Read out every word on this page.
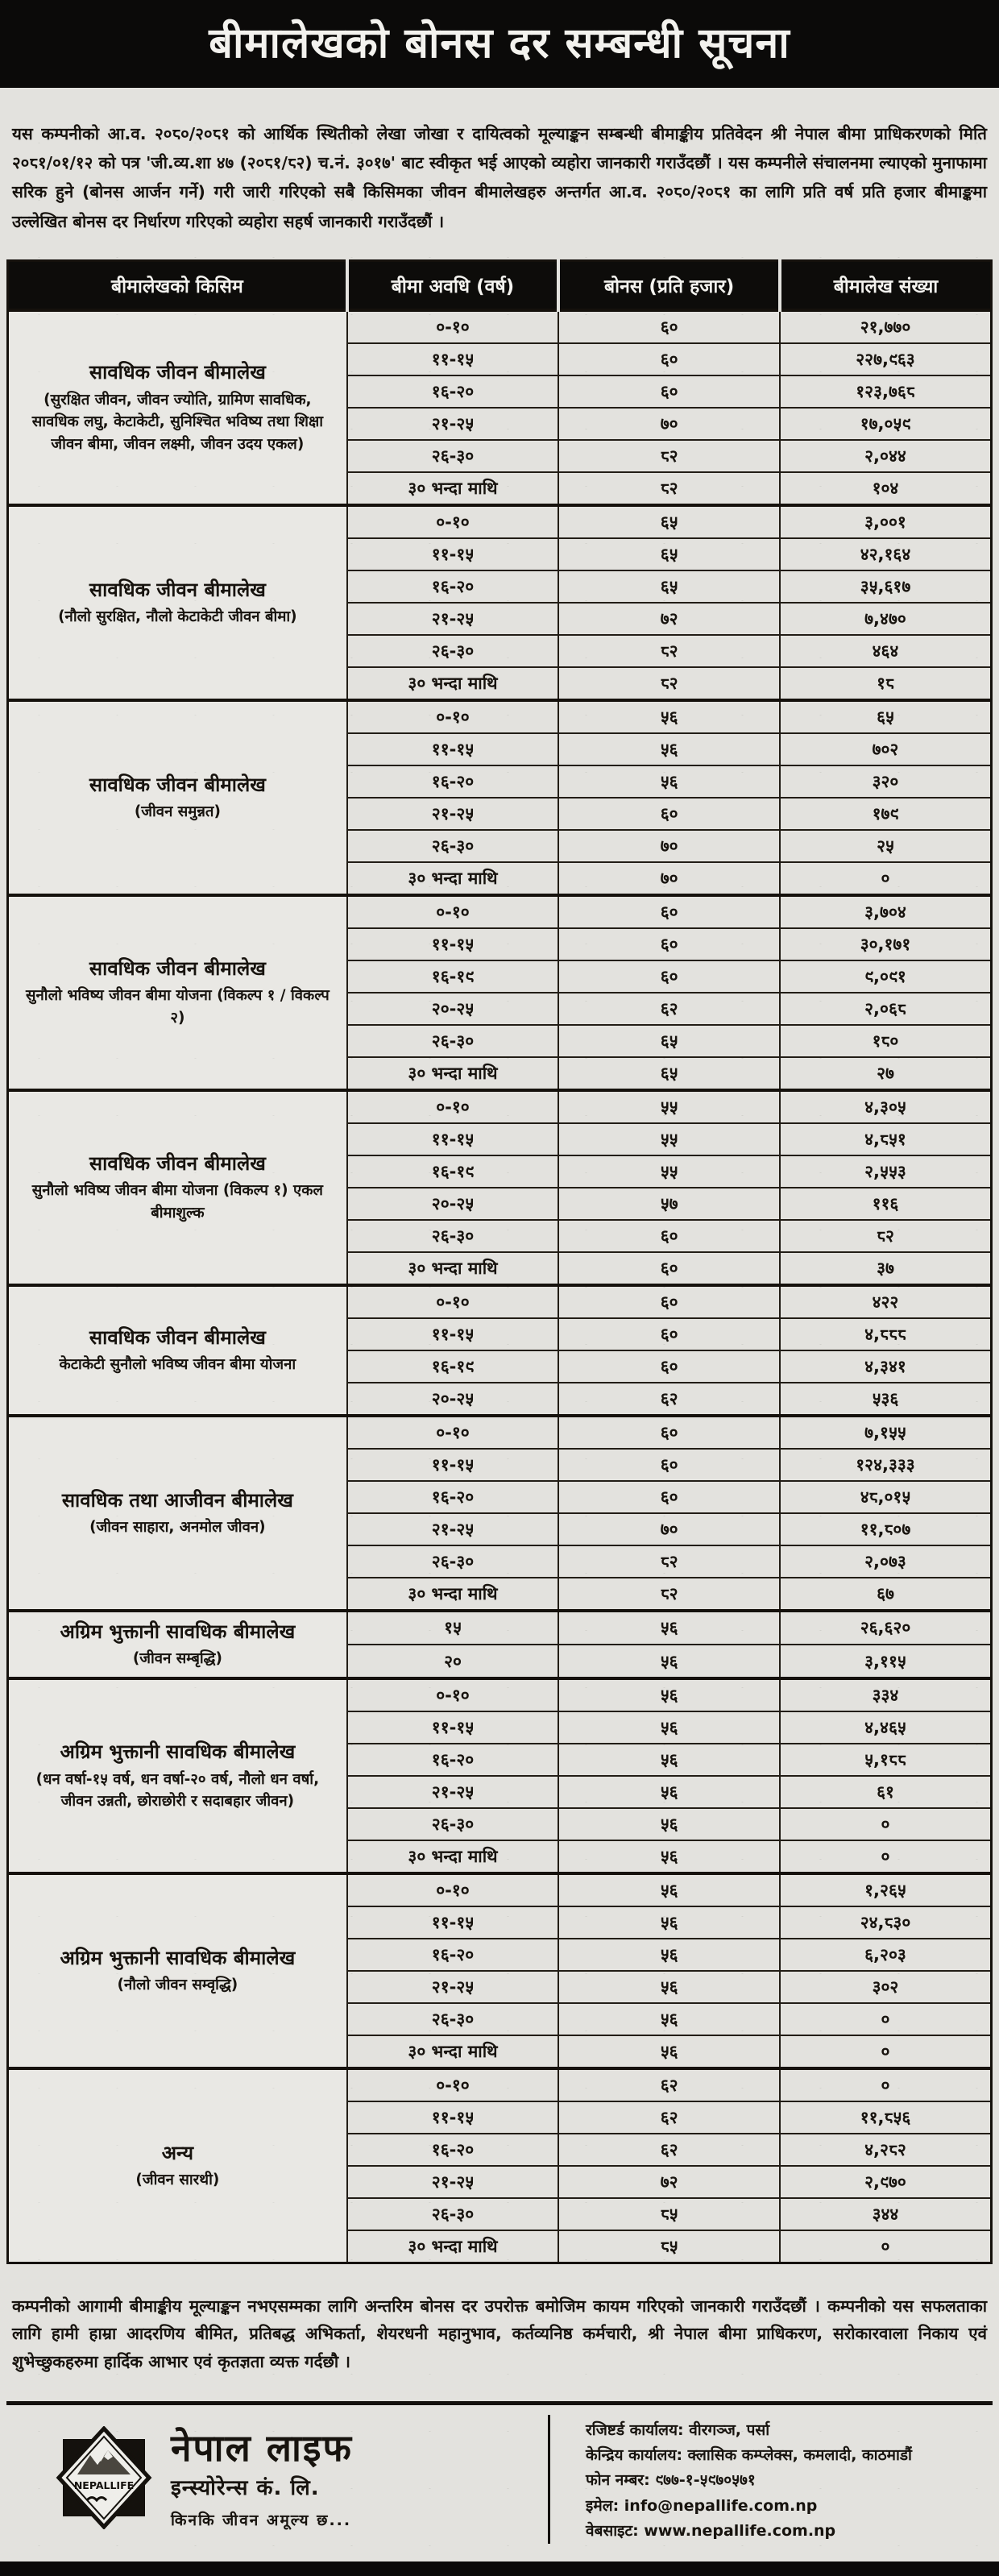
बीमालेखको बोनस दर सम्बन्धी सूचना

यस कम्पनीको आ.व. २०८०/२०८१ को आर्थिक स्थितीको लेखा जोखा र दायित्वको मूल्याङ्कन सम्बन्धी बीमाङ्कीय प्रतिवेदन श्री नेपाल बीमा प्राधिकरणको मिति २०८१/०१/१२ को पत्र 'जी.व्य.शा ४७ (२०८१/८२) च.नं. ३०१७' बाट स्वीकृत भई आएको व्यहोरा जानकारी गराउँदछौं । यस कम्पनीले संचालनमा ल्याएको मुनाफामा सरिक हुने (बोनस आर्जन गर्ने) गरी जारी गरिएको सबै किसिमका जीवन बीमालेखहरु अन्तर्गत आ.व. २०८०/२०८१ का लागि प्रति वर्ष प्रति हजार बीमाङ्कमा उल्लेखित बोनस दर निर्धारण गरिएको व्यहोरा सहर्ष जानकारी गराउँदछौं ।

बीमालेखको किसिम	बीमा अवधि (वर्ष)	बोनस (प्रति हजार)	बीमालेख संख्या

सावधिक जीवन बीमालेख
(सुरक्षित जीवन, जीवन ज्योति, ग्रामिण सावधिक, सावधिक लघु, केटाकेटी, सुनिश्चित भविष्य तथा शिक्षा जीवन बीमा, जीवन लक्ष्मी, जीवन उदय एकल)	०-१०	६०	२१,७७०
	११-१५	६०	२२७,९६३
	१६-२०	६०	१२३,७६८
	२१-२५	७०	१७,०५९
	२६-३०	८२	२,०४४
	३० भन्दा माथि	८२	१०४

सावधिक जीवन बीमालेख
(नौलो सुरक्षित, नौलो केटाकेटी जीवन बीमा)	०-१०	६५	३,००१
	११-१५	६५	४२,१६४
	१६-२०	६५	३५,६१७
	२१-२५	७२	७,४७०
	२६-३०	८२	४६४
	३० भन्दा माथि	८२	१८

सावधिक जीवन बीमालेख
(जीवन समुन्नत)	०-१०	५६	६५
	११-१५	५६	७०२
	१६-२०	५६	३२०
	२१-२५	६०	१७९
	२६-३०	७०	२५
	३० भन्दा माथि	७०	०

सावधिक जीवन बीमालेख
सुनौलो भविष्य जीवन बीमा योजना (विकल्प १ / विकल्प २)	०-१०	६०	३,७०४
	११-१५	६०	३०,१७१
	१६-१९	६०	९,०९१
	२०-२५	६२	२,०६८
	२६-३०	६५	१८०
	३० भन्दा माथि	६५	२७

सावधिक जीवन बीमालेख
सुनौलो भविष्य जीवन बीमा योजना (विकल्प १) एकल बीमाशुल्क	०-१०	५५	४,३०५
	११-१५	५५	४,८५१
	१६-१९	५५	२,५५३
	२०-२५	५७	११६
	२६-३०	६०	८२
	३० भन्दा माथि	६०	३७

सावधिक जीवन बीमालेख
केटाकेटी सुनौलो भविष्य जीवन बीमा योजना	०-१०	६०	४२२
	११-१५	६०	४,८८८
	१६-१९	६०	४,३४१
	२०-२५	६२	५३६

सावधिक तथा आजीवन बीमालेख
(जीवन साहारा, अनमोल जीवन)	०-१०	६०	७,१५५
	११-१५	६०	१२४,३३३
	१६-२०	६०	४८,०१५
	२१-२५	७०	११,८०७
	२६-३०	८२	२,०७३
	३० भन्दा माथि	८२	६७

अग्रिम भुक्तानी सावधिक बीमालेख
(जीवन सम्बृद्धि)	१५	५६	२६,६२०
	२०	५६	३,११५

अग्रिम भुक्तानी सावधिक बीमालेख
(धन वर्षा-१५ वर्ष, धन वर्षा-२० वर्ष, नौलो धन वर्षा, जीवन उन्नती, छोराछोरी र सदाबहार जीवन)	०-१०	५६	३३४
	११-१५	५६	४,४६५
	१६-२०	५६	५,१८८
	२१-२५	५६	६१
	२६-३०	५६	०
	३० भन्दा माथि	५६	०

अग्रिम भुक्तानी सावधिक बीमालेख
(नौलो जीवन सम्वृद्धि)	०-१०	५६	१,२६५
	११-१५	५६	२४,८३०
	१६-२०	५६	६,२०३
	२१-२५	५६	३०२
	२६-३०	५६	०
	३० भन्दा माथि	५६	०

अन्य
(जीवन सारथी)	०-१०	६२	०
	११-१५	६२	११,८५६
	१६-२०	६२	४,२८२
	२१-२५	७२	२,९७०
	२६-३०	८५	३४४
	३० भन्दा माथि	८५	०

कम्पनीको आगामी बीमाङ्कीय मूल्याङ्कन नभएसम्मका लागि अन्तरिम बोनस दर उपरोक्त बमोजिम कायम गरिएको जानकारी गराउँदछौं । कम्पनीको यस सफलताका लागि हामी हाम्रा आदरणिय बीमित, प्रतिबद्ध अभिकर्ता, शेयरधनी महानुभाव, कर्तव्यनिष्ठ कर्मचारी, श्री नेपाल बीमा प्राधिकरण, सरोकारवाला निकाय एवं शुभेच्छुकहरुमा हार्दिक आभार एवं कृतज्ञता व्यक्त गर्दछौ ।

NEPALLIFE
नेपाल लाइफ
इन्स्योरेन्स कं. लि.
किनकि जीवन अमूल्य छ...
रजिष्टर्ड कार्यालय: वीरगञ्ज, पर्सा
केन्द्रिय कार्यालय: क्लासिक कम्प्लेक्स, कमलादी, काठमाडौं
फोन नम्बर: ९७७-१-५९७०५७१
इमेल: info@nepallife.com.np
वेबसाइट: www.nepallife.com.np
